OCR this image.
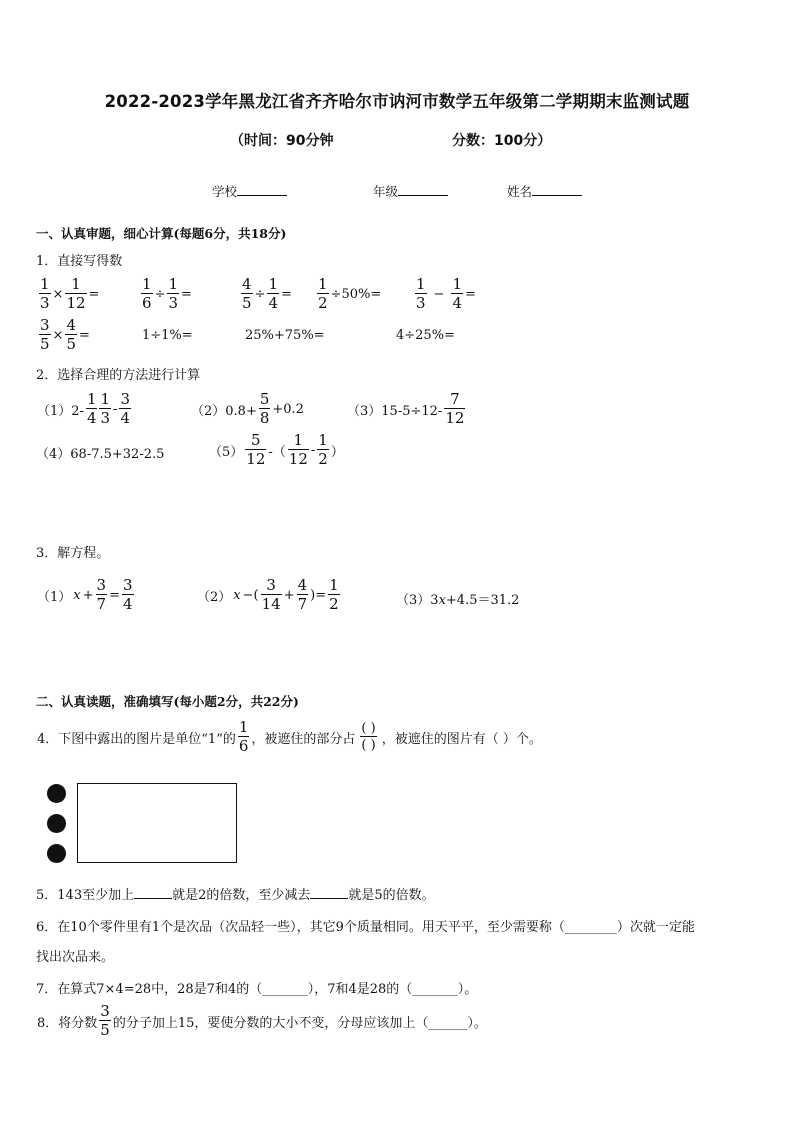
2022-2023学年黑龙江省齐齐哈尔市讷河市数学五年级第二学期期末监测试题
（时间：90分钟	分数：100分）
学校	年级	姓名
一、认真审题，细心计算(每题6分，共18分)
1．直接写得数
$\frac{1}{3} \times \frac{1}{12}$ =	$\frac{1}{6} \div \frac{1}{3}$ =	$\frac{4}{5} \div \frac{1}{4} = \frac{1}{2} \div 50\%= \frac{1}{3} - \frac{1}{4}$ =
$\frac{3}{5} \times \frac{4}{5}$ =	1÷1%=	25%+75%=	4÷25%=
2．选择合理的方法进行计算
$(1)2- \frac{1}{4} \frac{1}{3} - \frac{3}{4}$	$(2)0.8+ \frac{5}{8} +0.2$	$(3)15-5\div 12- \frac{7}{12}$
（4）68-7.5+32-2.5	$(5) \frac{5}{12}$ -（ $\frac{1}{12} - \frac{1}{2}$ ）
3．解方程。
（1） $x + \frac{3}{7} = \frac{3}{4}$	（2） x −( $\frac{3}{14} + \frac{4}{7}$ )= $\frac{1}{2}$	（3）3x+4.5＝31.2
二、认真读题，准确填写(每小题2分，共22分)
4．下图中露出的图片是单位“1”的 $\frac{1}{6}$ ，被遮住的部分占 $\frac{( )}{( )}$ ，被遮住的图片有（ ）个。
5．143至少加上	就是2的倍数，至少减去	就是5的倍数。
6．在10个零件里有1个是次品（次品轻一些），其它9个质量相同。用天平平，至少需要称（________）次就一定能
找出次品来。
7．在算式7×4=28中，28是7和4的（_______），7和4是28的（_______）。
8．将分数 $\frac{3}{5}$ 的分子加上15，要使分数的大小不变，分母应该加上（______）。
